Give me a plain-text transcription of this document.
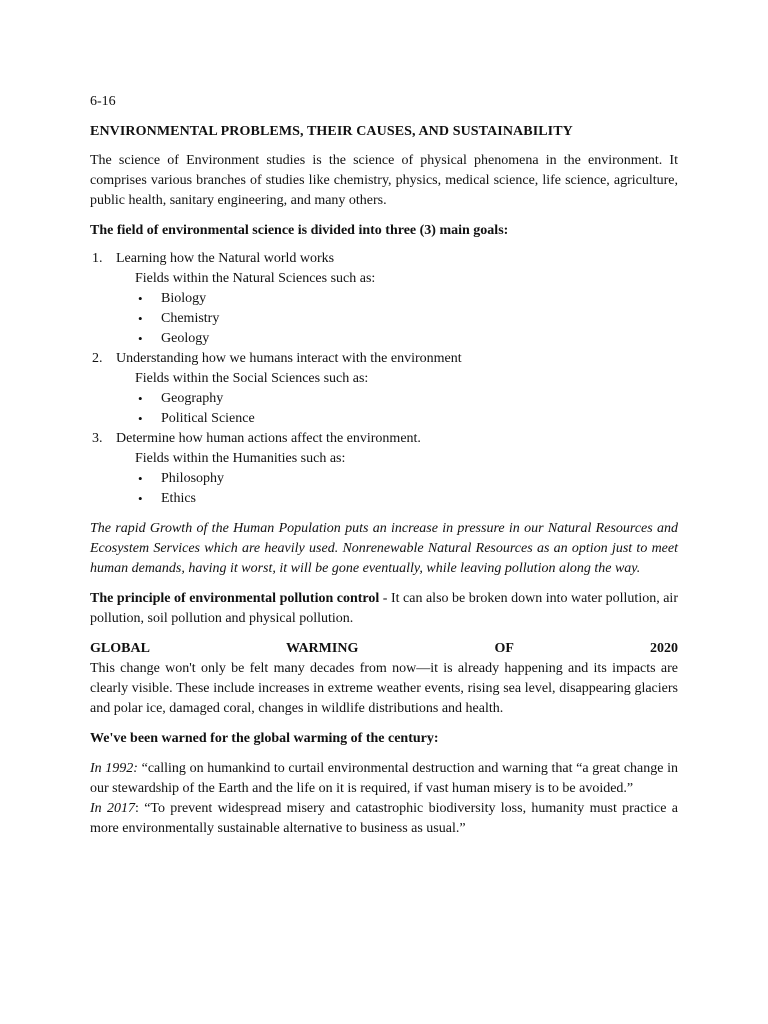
6-16

ENVIRONMENTAL PROBLEMS, THEIR CAUSES, AND SUSTAINABILITY

The science of Environment studies is the science of physical phenomena in the environment. It comprises various branches of studies like chemistry, physics, medical science, life science, agriculture, public health, sanitary engineering, and many others.

The field of environmental science is divided into three (3) main goals:

1. Learning how the Natural world works
Fields within the Natural Sciences such as:
• Biology
• Chemistry
• Geology
2. Understanding how we humans interact with the environment
Fields within the Social Sciences such as:
• Geography
• Political Science
3. Determine how human actions affect the environment.
Fields within the Humanities such as:
• Philosophy
• Ethics

The rapid Growth of the Human Population puts an increase in pressure in our Natural Resources and Ecosystem Services which are heavily used. Nonrenewable Natural Resources as an option just to meet human demands, having it worst, it will be gone eventually, while leaving pollution along the way.

The principle of environmental pollution control - It can also be broken down into water pollution, air pollution, soil pollution and physical pollution.

GLOBAL	WARMING	OF	2020

This change won't only be felt many decades from now—it is already happening and its impacts are clearly visible. These include increases in extreme weather events, rising sea level, disappearing glaciers and polar ice, damaged coral, changes in wildlife distributions and health.

We've been warned for the global warming of the century:

In 1992: “calling on humankind to curtail environmental destruction and warning that “a great change in our stewardship of the Earth and the life on it is required, if vast human misery is to be avoided.”

In 2017: “To prevent widespread misery and catastrophic biodiversity loss, humanity must practice a more environmentally sustainable alternative to business as usual.”
